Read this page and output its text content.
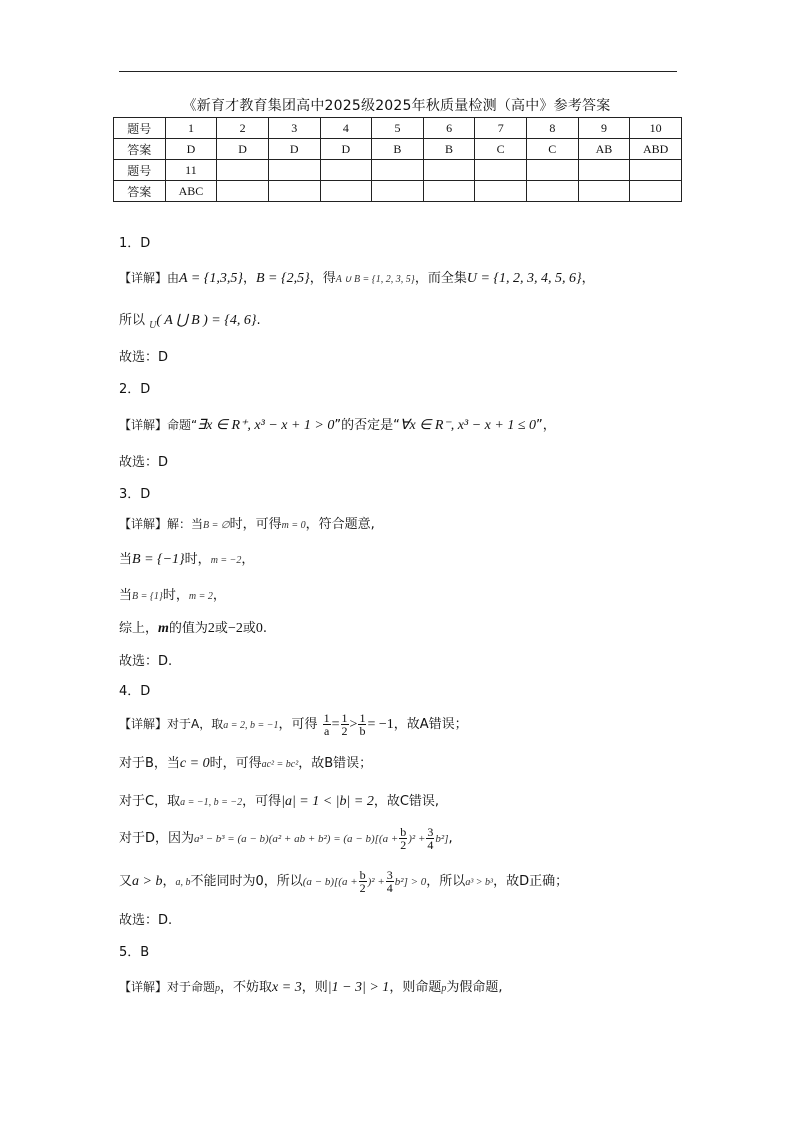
《新育才教育集团高中2025级2025年秋质量检测（高中》参考答案
题号	1	2	3	4	5	6	7	8	9	10
答案	D	D	D	D	B	B	C	C	AB	ABD
题号	11									
答案	ABC									
1．D
【详解】由A = {1,3,5}，B = {2,5}，得A ∪ B = {1, 2, 3, 5}，而全集U = {1, 2, 3, 4, 5, 6}，
所以 $_U$( A ⋃ B ) = {4, 6}.
故选：D
2．D
【详解】命题“∃x ∈ R⁺, x³ − x + 1 > 0”的否定是“∀x ∈ R⁻, x³ − x + 1 ≤ 0”，
故选：D
3．D
【详解】解：当B = ∅时，可得m = 0，符合题意,
当B = {−1}时，m = −2，
当B = {1}时，m = 2，
综上，m的值为2或−2或0.
故选：D.
4．D
【详解】对于A，取a = 2, b = −1，可得 $\frac{1}{a} = \frac{1}{2} > \frac{1}{b} = -1$，故A错误；
对于B，当c = 0时，可得ac² = bc²，故B错误；
对于C，取a = −1, b = −2，可得|a| = 1 < |b| = 2，故C错误,
对于D，因为a³ − b³ = (a − b)(a² + ab + $b^2) = (a - b)[(a + \frac{b}{2} )^2 + \frac{3}{4} b^2]$,
又a > b，a, b不能同时为0，所以$(a - b)[(a + \frac{b}{2} )^2 + \frac{3}{4} b^2] > 0$，所以a³ > b³，故D正确；
故选：D.
5．B
【详解】对于命题p，不妨取x = 3，则|1 − 3| > 1，则命题p为假命题,
